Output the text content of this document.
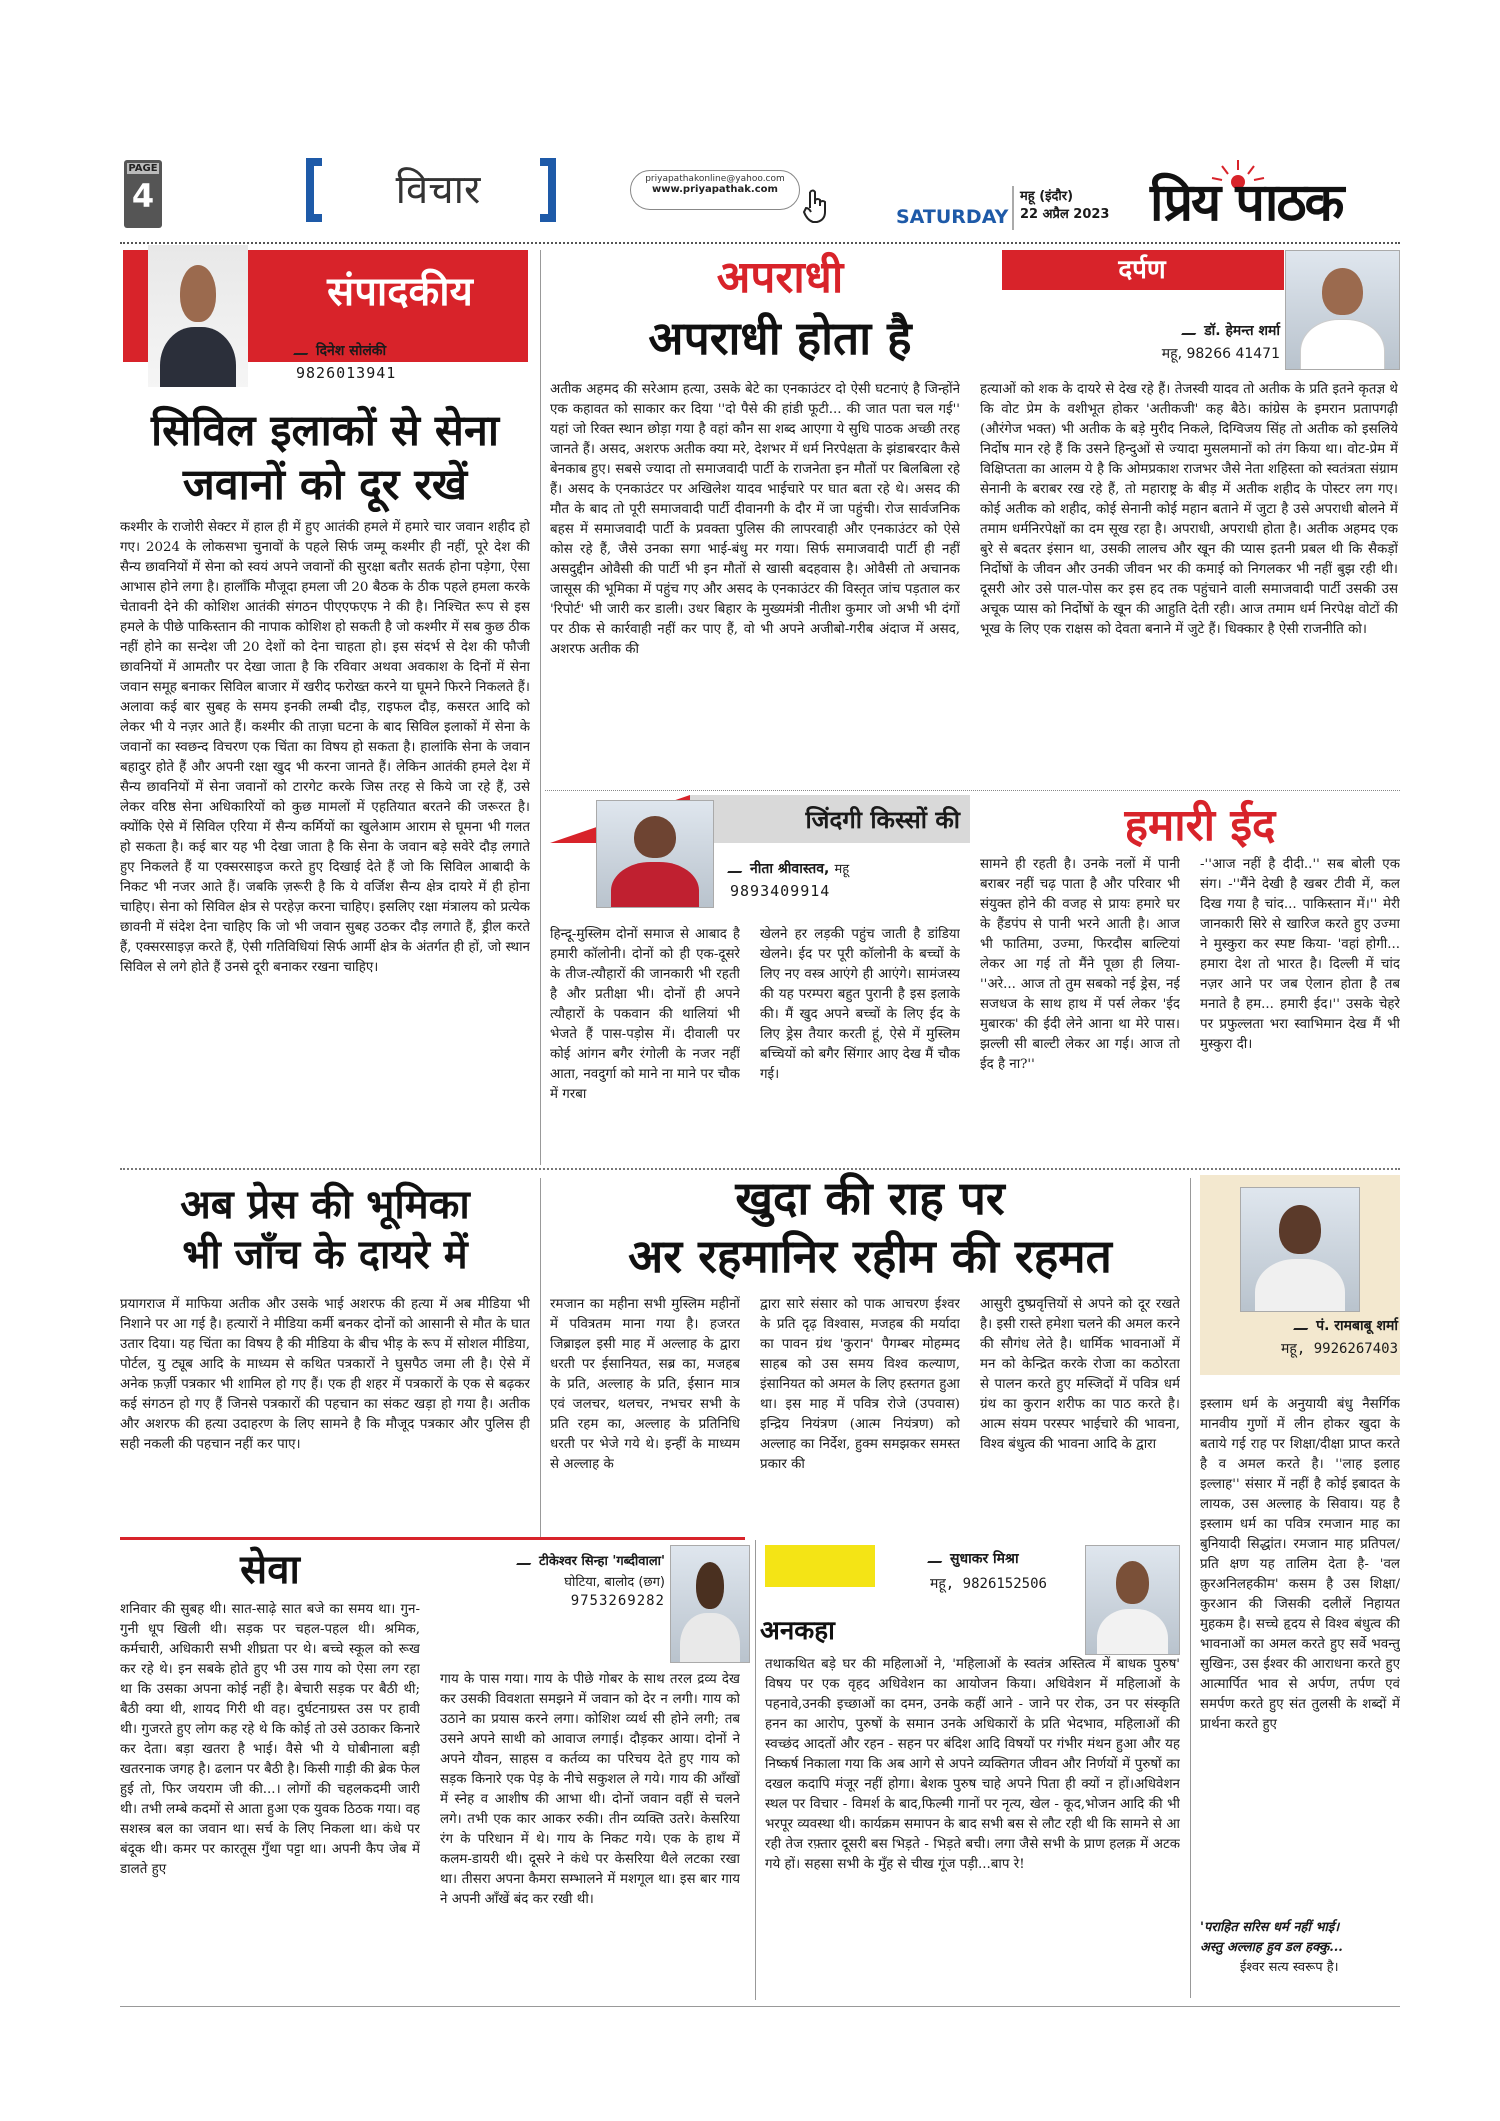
PAGE
4	विचार	priyapathakonline@yahoo.com
www.priyapathak.com
SATURDAY
महू (इंदौर)
22 अप्रैल 2023 प्रिय पाठक
संपादकीय
दिनेश सोलंकी
9826013941
सिविल इलाकों से सेना
जवानों को दूर रखें
कश्मीर के राजोरी सेक्टर में हाल ही में हुए आतंकी हमले में हमारे चार जवान शहीद हो गए। 2024 के लोकसभा चुनावों के पहले सिर्फ जम्मू कश्मीर ही नहीं, पूरे देश की सैन्य छावनियों में सेना को स्वयं अपने जवानों की सुरक्षा बतौर सतर्क होना पड़ेगा, ऐसा आभास होने लगा है। हालाँकि मौजूदा हमला जी 20 बैठक के ठीक पहले हमला करके चेतावनी देने की कोशिश आतंकी संगठन पीएएफएफ ने की है। निश्चित रूप से इस हमले के पीछे पाकिस्तान की नापाक कोशिश हो सकती है जो कश्मीर में सब कुछ ठीक नहीं होने का सन्देश जी 20 देशों को देना चाहता हो। इस संदर्भ से देश की फौजी छावनियों में आमतौर पर देखा जाता है कि रविवार अथवा अवकाश के दिनों में सेना जवान समूह बनाकर सिविल बाजार में खरीद फरोख्त करने या घूमने फिरने निकलते हैं। अलावा कई बार सुबह के समय इनकी लम्बी दौड़, राइफल दौड़, कसरत आदि को लेकर भी ये नज़र आते हैं। कश्मीर की ताज़ा घटना के बाद सिविल इलाकों में सेना के जवानों का स्वछन्द विचरण एक चिंता का विषय हो सकता है। हालांकि सेना के जवान बहादुर होते हैं और अपनी रक्षा खुद भी करना जानते हैं। लेकिन आतंकी हमले देश में सैन्य छावनियों में सेना जवानों को टारगेट करके जिस तरह से किये जा रहे हैं, उसे लेकर वरिष्ठ सेना अधिकारियों को कुछ मामलों में एहतियात बरतने की जरूरत है। क्योंकि ऐसे में सिविल एरिया में सैन्य कर्मियों का खुलेआम आराम से घूमना भी गलत हो सकता है। कई बार यह भी देखा जाता है कि सेना के जवान बड़े सवेरे दौड़ लगाते हुए निकलते हैं या एक्सरसाइज करते हुए दिखाई देते हैं जो कि सिविल आबादी के निकट भी नजर आते हैं। जबकि ज़रूरी है कि ये वर्जिश सैन्य क्षेत्र दायरे में ही होना चाहिए। सेना को सिविल क्षेत्र से परहेज़ करना चाहिए। इसलिए रक्षा मंत्रालय को प्रत्येक छावनी में संदेश देना चाहिए कि जो भी जवान सुबह उठकर दौड़ लगाते हैं, ड्रील करते हैं, एक्सरसाइज़ करते हैं, ऐसी गतिविधियां सिर्फ आर्मी क्षेत्र के अंतर्गत ही हों, जो स्थान सिविल से लगे होते हैं उनसे दूरी बनाकर रखना चाहिए।
दर्पण
अपराधी
अपराधी होता है	डॉ. हेमन्त शर्मा
महू, 98266 41471
अतीक अहमद की सरेआम हत्या, उसके बेटे का एनकाउंटर दो ऐसी घटनाएं है जिन्होंने एक कहावत को साकार कर दिया ''दो पैसे की हांडी फूटी... की जात पता चल गई'' यहां जो रिक्त स्थान छोड़ा गया है वहां कौन सा शब्द आएगा ये सुधि पाठक अच्छी तरह जानते हैं। असद, अशरफ अतीक क्या मरे, देशभर में धर्म निरपेक्षता के झंडाबरदार कैसे बेनकाब हुए। सबसे ज्यादा तो समाजवादी पार्टी के राजनेता इन मौतों पर बिलबिला रहे हैं। असद के एनकाउंटर पर अखिलेश यादव भाईचारे पर घात बता रहे थे। असद की मौत के बाद तो पूरी समाजवादी पार्टी दीवानगी के दौर में जा पहुंची। रोज सार्वजनिक बहस में समाजवादी पार्टी के प्रवक्ता पुलिस की लापरवाही और एनकाउंटर को ऐसे कोस रहे हैं, जैसे उनका सगा भाई-बंधु मर गया। सिर्फ समाजवादी पार्टी ही नहीं असदुद्दीन ओवैसी की पार्टी भी इन मौतों से खासी बदहवास है। ओवैसी तो अचानक जासूस की भूमिका में पहुंच गए और असद के एनकाउंटर की विस्तृत जांच पड़ताल कर 'रिपोर्ट' भी जारी कर डाली। उधर बिहार के मुख्यमंत्री नीतीश कुमार जो अभी भी दंगों पर ठीक से कार्रवाही नहीं कर पाए हैं, वो भी अपने अजीबो-गरीब अंदाज में असद, अशरफ अतीक की
हत्याओं को शक के दायरे से देख रहे हैं। तेजस्वी यादव तो अतीक के प्रति इतने कृतज्ञ थे कि वोट प्रेम के वशीभूत होकर 'अतीकजी' कह बैठे। कांग्रेस के इमरान प्रतापगढ़ी (औरंगेज भक्त) भी अतीक के बड़े मुरीद निकले, दिग्विजय सिंह तो अतीक को इसलिये निर्दोष मान रहे हैं कि उसने हिन्दुओं से ज्यादा मुसलमानों को तंग किया था। वोट-प्रेम में विक्षिप्तता का आलम ये है कि ओमप्रकाश राजभर जैसे नेता शहिस्ता को स्वतंत्रता संग्राम सेनानी के बराबर रख रहे हैं, तो महाराष्ट्र के बीड़ में अतीक शहीद के पोस्टर लग गए। कोई अतीक को शहीद, कोई सेनानी कोई महान बताने में जुटा है उसे अपराधी बोलने में तमाम धर्मनिरपेक्षों का दम सूख रहा है। अपराधी, अपराधी होता है। अतीक अहमद एक बुरे से बदतर इंसान था, उसकी लालच और खून की प्यास इतनी प्रबल थी कि सैकड़ों निर्दोषों के जीवन और उनकी जीवन भर की कमाई को निगलकर भी नहीं बुझ रही थी। दूसरी ओर उसे पाल-पोस कर इस हद तक पहुंचाने वाली समाजवादी पार्टी उसकी उस अचूक प्यास को निर्दोषों के खून की आहुति देती रही। आज तमाम धर्म निरपेक्ष वोटों की भूख के लिए एक राक्षस को देवता बनाने में जुटे हैं। धिक्कार है ऐसी राजनीति को।
जिंदगी किस्सों की
नीता श्रीवास्तव, महू
9893409914
हमारी ईद
हिन्दू-मुस्लिम दोनों समाज से आबाद है हमारी कॉलोनी। दोनों को ही एक-दूसरे के तीज-त्यौहारों की जानकारी भी रहती है और प्रतीक्षा भी। दोनों ही अपने त्यौहारों के पकवान की थालियां भी भेजते हैं पास-पड़ोस में। दीवाली पर कोई आंगन बगैर रंगोली के नजर नहीं आता, नवदुर्गा को माने ना माने पर चौक में गरबा
खेलने हर लड़की पहुंच जाती है डांडिया खेलने। ईद पर पूरी कॉलोनी के बच्चों के लिए नए वस्त्र आएंगे ही आएंगे। सामंजस्य की यह परम्परा बहुत पुरानी है इस इलाके की। मैं खुद अपने बच्चों के लिए ईद के लिए ड्रेस तैयार करती हूं, ऐसे में मुस्लिम बच्चियों को बगैर सिंगार आए देख मैं चौक गई।
सामने ही रहती है। उनके नलों में पानी बराबर नहीं चढ़ पाता है और परिवार भी संयुक्त होने की वजह से प्रायः हमारे घर के हैंडपंप से पानी भरने आती है। आज भी फातिमा, उज्मा, फिरदौस बाल्टियां लेकर आ गई तो मैंने पूछा ही लिया- ''अरे... आज तो तुम सबको नई ड्रेस, नई सजधज के साथ हाथ में पर्स लेकर 'ईद मुबारक' की ईदी लेने आना था मेरे पास। झल्ली सी बाल्टी लेकर आ गई। आज तो ईद है ना?''
-''आज नहीं है दीदी..'' सब बोली एक संग। -''मैंने देखी है खबर टीवी में, कल दिख गया है चांद... पाकिस्तान में।'' मेरी जानकारी सिरे से खारिज करते हुए उज्मा ने मुस्कुरा कर स्पष्ट किया- 'वहां होगी... हमारा देश तो भारत है। दिल्ली में चांद नज़र आने पर जब ऐलान होता है तब मनाते है हम... हमारी ईद।'' उसके चेहरे पर प्रफुल्लता भरा स्वाभिमान देख मैं भी मुस्कुरा दी।
अब प्रेस की भूमिका
भी जाँच के दायरे में
प्रयागराज में माफिया अतीक और उसके भाई अशरफ की हत्या में अब मीडिया भी निशाने पर आ गई है। हत्यारों ने मीडिया कर्मी बनकर दोनों को आसानी से मौत के घात उतार दिया। यह चिंता का विषय है की मीडिया के बीच भीड़ के रूप में सोशल मीडिया, पोर्टल, यु ट्यूब आदि के माध्यम से कथित पत्रकारों ने घुसपैठ जमा ली है। ऐसे में अनेक फ़र्ज़ी पत्रकार भी शामिल हो गए हैं। एक ही शहर में पत्रकारों के एक से बढ़कर कई संगठन हो गए हैं जिनसे पत्रकारों की पहचान का संकट खड़ा हो गया है। अतीक और अशरफ की हत्या उदाहरण के लिए सामने है कि मौजूद पत्रकार और पुलिस ही सही नकली की पहचान नहीं कर पाए।
खुदा की राह पर
अर रहमानिर रहीम की रहमत
पं. रामबाबू शर्मा
महू, 9926267403
रमजान का महीना सभी मुस्लिम महीनों में पवित्रतम माना गया है। हजरत जिब्राइल इसी माह में अल्लाह के द्वारा धरती पर ईसानियत, सब्र का, मजहब के प्रति, अल्लाह के प्रति, ईसान मात्र एवं जलचर, थलचर, नभचर सभी के प्रति रहम का, अल्लाह के प्रतिनिधि धरती पर भेजे गये थे। इन्हीं के माध्यम से अल्लाह के
द्वारा सारे संसार को पाक आचरण ईश्वर के प्रति दृढ़ विश्वास, मजहब की मर्यादा का पावन ग्रंथ 'कुरान' पैगम्बर मोहम्मद साहब को उस समय विश्व कल्याण, इंसानियत को अमल के लिए हस्तगत हुआ था। इस माह में पवित्र रोजे (उपवास) इन्द्रिय नियंत्रण (आत्म नियंत्रण) को अल्लाह का निर्देश, हुक्म समझकर समस्त प्रकार की
आसुरी दुष्प्रवृत्तियों से अपने को दूर रखते है। इसी रास्ते हमेशा चलने की अमल करने की सौगंध लेते है। धार्मिक भावनाओं में मन को केन्द्रित करके रोजा का कठोरता से पालन करते हुए मस्जिदों में पवित्र धर्म ग्रंथ का कुरान शरीफ का पाठ करते है। आत्म संयम परस्पर भाईचारे की भावना, विश्व बंधुत्व की भावना आदि के द्वारा
इस्लाम धर्म के अनुयायी बंधु नैसर्गिक मानवीय गुणों में लीन होकर खुदा के बताये गई राह पर शिक्षा/दीक्षा प्राप्त करते है व अमल करते है। ''लाह इलाह इल्लाह'' संसार में नहीं है कोई इबादत के लायक, उस अल्लाह के सिवाय। यह है इस्लाम धर्म का पवित्र रमजान माह का बुनियादी सिद्धांत। रमजान माह प्रतिपल/प्रति क्षण यह तालिम देता है- 'वल क़ुरअनिलहकीम' कसम है उस शिक्षा/कुरआन की जिसकी दलीलें निहायत मुहकम है। सच्चे हृदय से विश्व बंधुत्व की भावनाओं का अमल करते हुए सर्वे भवन्तु सुखिनः, उस ईश्वर की आराधना करते हुए आत्मार्पित भाव से अर्पण, तर्पण एवं समर्पण करते हुए संत तुलसी के शब्दों में प्रार्थना करते हुए
'पराहित सरिस धर्म नहीं भाई।
अस्तु अल्लाह हुव डल हक्कु...
ईश्वर सत्य स्वरूप है।
सेवा	टीकेश्वर सिन्हा 'गब्दीवाला'
घोटिया, बालोद (छग)
9753269282
शनिवार की सुबह थी। सात-साढ़े सात बजे का समय था। गुन-गुनी धूप खिली थी। सड़क पर चहल-पहल थी। श्रमिक, कर्मचारी, अधिकारी सभी शीघ्रता पर थे। बच्चे स्कूल को रूख कर रहे थे। इन सबके होते हुए भी उस गाय को ऐसा लग रहा था कि उसका अपना कोई नहीं है। बेचारी सड़क पर बैठी थी; बैठी क्या थी, शायद गिरी थी वह। दुर्घटनाग्रस्त उस पर हावी थी। गुजरते हुए लोग कह रहे थे कि कोई तो उसे उठाकर किनारे कर देता। बड़ा खतरा है भाई। वैसे भी ये घोबीनाला बड़ी खतरनाक जगह है। ढलान पर बैठी है। किसी गाड़ी की ब्रेक फेल हुई तो, फिर जयराम जी की...। लोगों की चहलकदमी जारी थी। तभी लम्बे कदमों से आता हुआ एक युवक ठिठक गया। वह सशस्त्र बल का जवान था। सर्च के लिए निकला था। कंधे पर बंदूक थी। कमर पर कारतूस गुँथा पट्टा था। अपनी कैप जेब में डालते हुए
गाय के पास गया। गाय के पीछे गोबर के साथ तरल द्रव्य देख कर उसकी विवशता समझने में जवान को देर न लगी। गाय को उठाने का प्रयास करने लगा। कोशिश व्यर्थ सी होने लगी; तब उसने अपने साथी को आवाज लगाई। दौड़कर आया। दोनों ने अपने यौवन, साहस व कर्तव्य का परिचय देते हुए गाय को सड़क किनारे एक पेड़ के नीचे सकुशल ले गये। गाय की आँखों में स्नेह व आशीष की आभा थी। दोनों जवान वहीं से चलने लगे। तभी एक कार आकर रुकी। तीन व्यक्ति उतरे। केसरिया रंग के परिधान में थे। गाय के निकट गये। एक के हाथ में कलम-डायरी थी। दूसरे ने कंधे पर केसरिया थैले लटका रखा था। तीसरा अपना कैमरा सम्भालने में मशगूल था। इस बार गाय ने अपनी आँखें बंद कर रखी थी।
सुधाकर मिश्रा
महू, 9826152506
अनकहा
तथाकथित बड़े घर की महिलाओं ने, 'महिलाओं के स्वतंत्र अस्तित्व में बाधक पुरुष' विषय पर एक वृहद अधिवेशन का आयोजन किया। अधिवेशन में महिलाओं के पहनावे,उनकी इच्छाओं का दमन, उनके कहीं आने - जाने पर रोक, उन पर संस्कृति हनन का आरोप, पुरुषों के समान उनके अधिकारों के प्रति भेदभाव, महिलाओं की स्वच्छंद आदतों और रहन - सहन पर बंदिश आदि विषयों पर गंभीर मंथन हुआ और यह निष्कर्ष निकाला गया कि अब आगे से अपने व्यक्तिगत जीवन और निर्णयों में पुरुषों का दखल कदापि मंजूर नहीं होगा। बेशक पुरुष चाहे अपने पिता ही क्यों न हों।अधिवेशन स्थल पर विचार - विमर्श के बाद,फिल्मी गानों पर नृत्य, खेल - कूद,भोजन आदि की भी भरपूर व्यवस्था थी। कार्यक्रम समापन के बाद सभी बस से लौट रही थी कि सामने से आ रही तेज रफ़्तार दूसरी बस भिड़ते - भिड़ते बची। लगा जैसे सभी के प्राण हलक़ में अटक गये हों। सहसा सभी के मुँह से चीख गूंज पड़ी...बाप रे!
